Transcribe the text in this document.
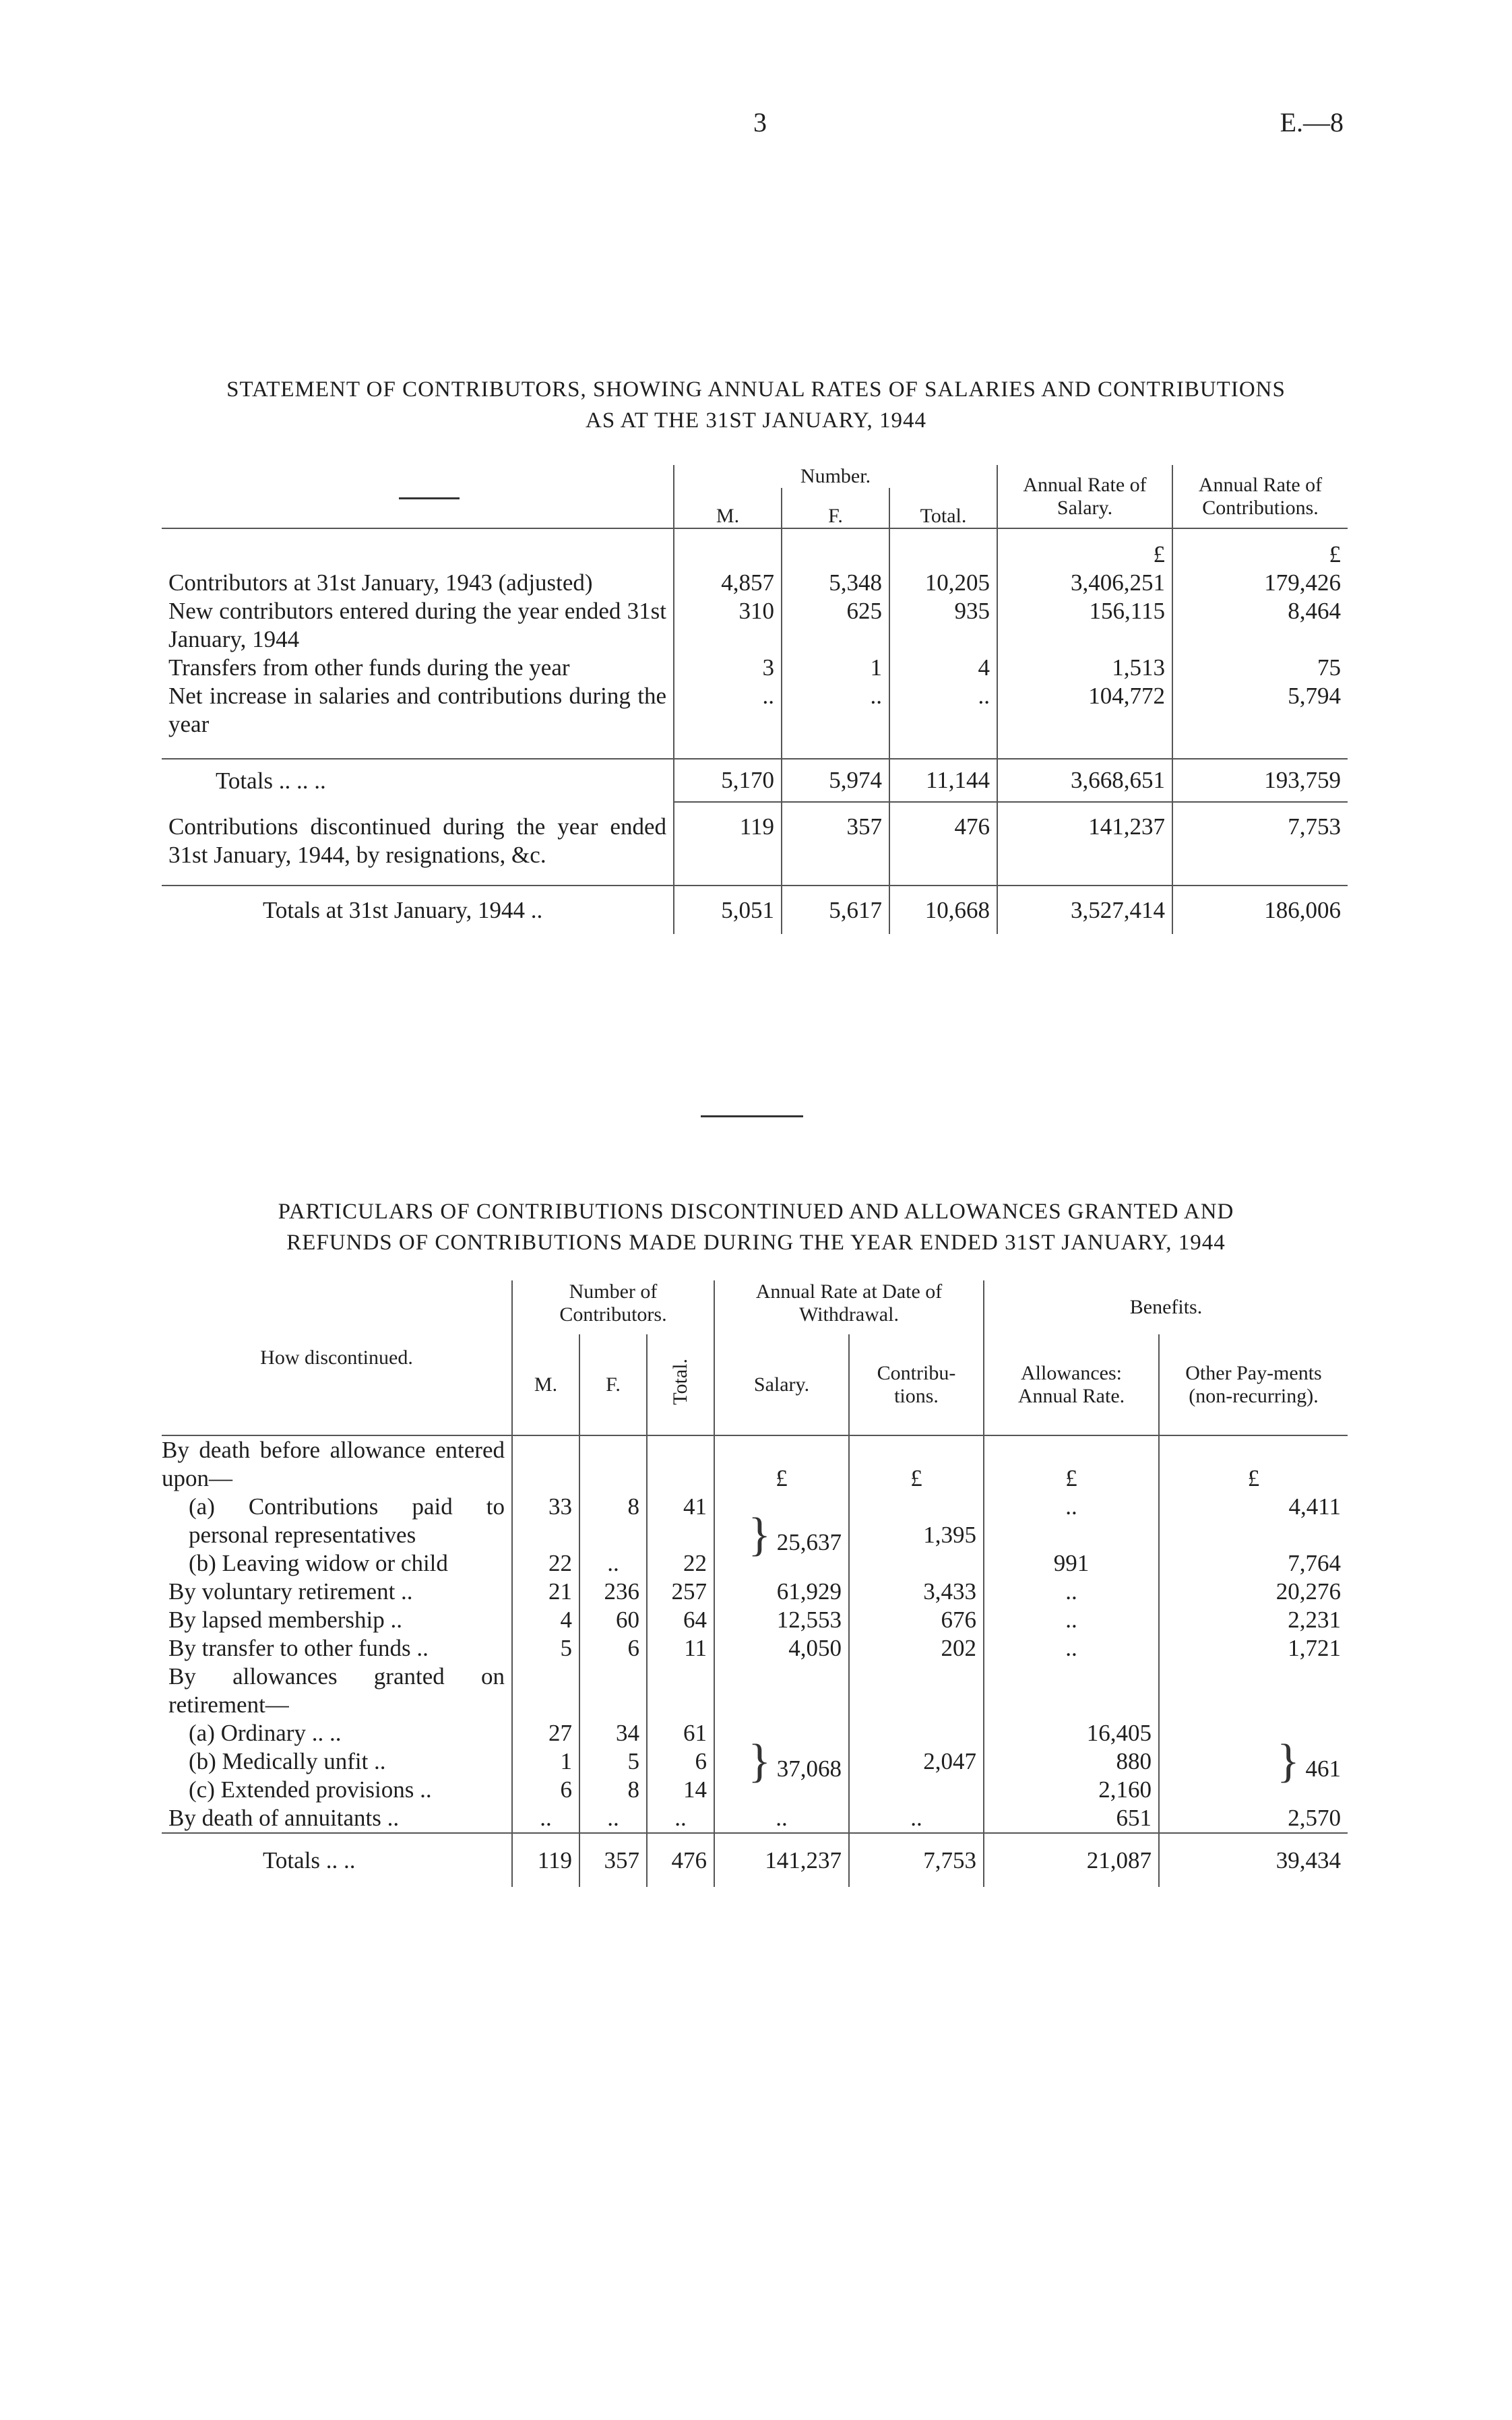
3	E.—8
STATEMENT OF CONTRIBUTORS, SHOWING ANNUAL RATES OF SALARIES AND CONTRIBUTIONS
AS AT THE 31ST JANUARY, 1944
	Number.			Annual Rate of Salary.	Annual Rate of Contributions.
	M.	F.	Total.		
				£	£
Contributors at 31st January, 1943 (adjusted)	4,857	5,348	10,205	3,406,251	179,426
New contributors entered during the year ended 31st January, 1944	310	625	935	156,115	8,464
Transfers from other funds during the year	3	1	4	1,513	75
Net increase in salaries and contributions during the year	..	..	..	104,772	5,794

Totals .. .. ..	5,170	5,974	11,144	3,668,651	193,759

Contributions discontinued during the year ended 31st January, 1944, by resignations, &c.	119	357	476	141,237	7,753

Totals at 31st January, 1944 ..	5,051	5,617	10,668	3,527,414	186,006
PARTICULARS OF CONTRIBUTIONS DISCONTINUED AND ALLOWANCES GRANTED AND
REFUNDS OF CONTRIBUTIONS MADE DURING THE YEAR ENDED 31ST JANUARY, 1944
How discontinued.	Number of Contributors.			Annual Rate at Date of Withdrawal.		Benefits.	
	M.	F.	Total.	Salary.	Contribu-tions.	Allowances: Annual Rate.	Other Pay-ments (non-recurring).
By death before allowance entered upon—				£	£	£	£
(a) Contributions paid to personal representatives	33	8	41	} 25,637	1,395	..	4,411
(b) Leaving widow or child	22	..	22			991	7,764
By voluntary retirement ..	21	236	257	61,929	3,433	..	20,276
By lapsed membership ..	4	60	64	12,553	676	..	2,231
By transfer to other funds ..	5	6	11	4,050	202	..	1,721
By allowances granted on retirement—							
(a) Ordinary .. ..	27	34	61	} 37,068	2,047	16,405	} 461
(b) Medically unfit ..	1	5	6			880	
(c) Extended provisions ..	6	8	14			2,160	
By death of annuitants ..	..	..	..	..	..	651	2,570
Totals .. ..	119	357	476	141,237	7,753	21,087	39,434
